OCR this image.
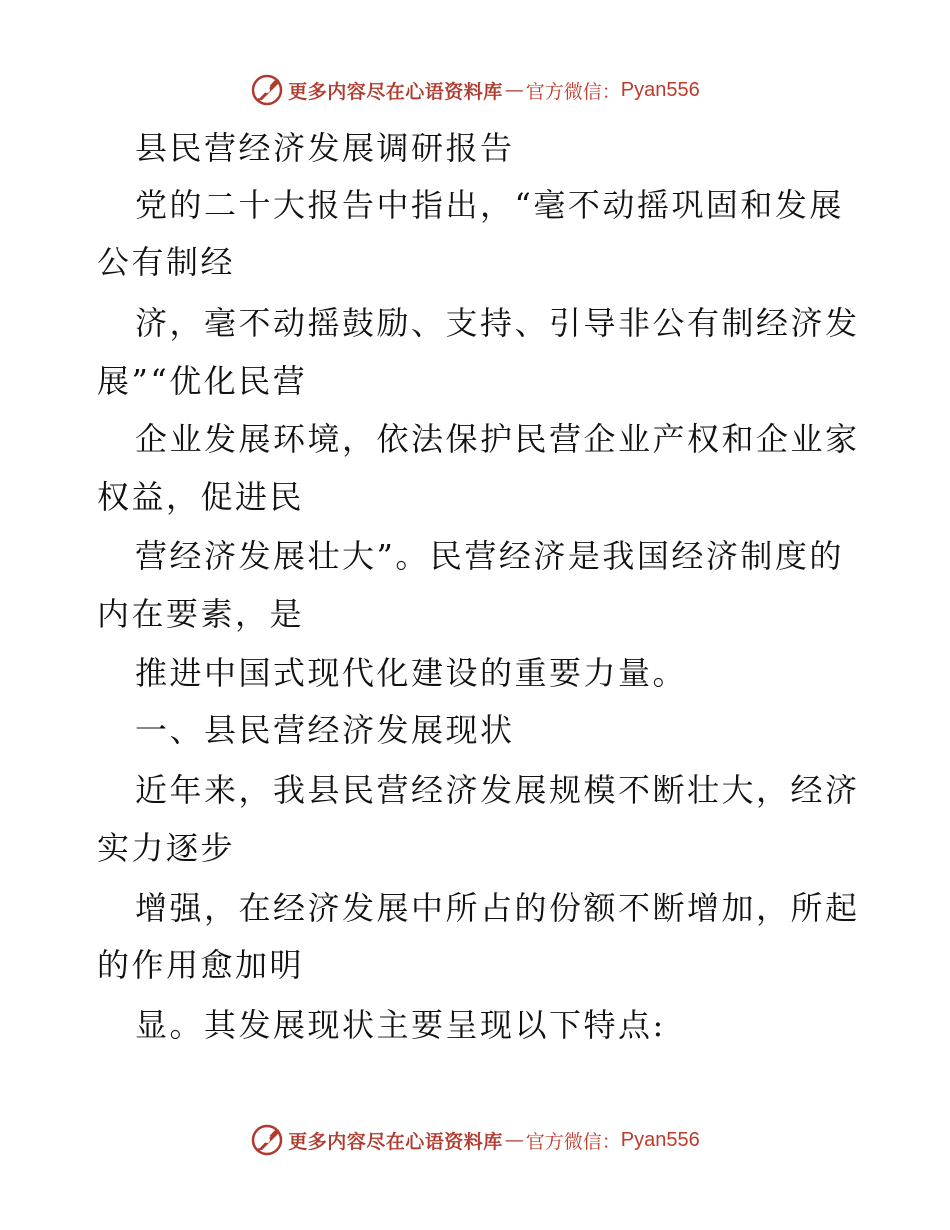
更多内容尽在心语资料库 — 官方微信： Pyan556
县民营经济发展调研报告
党的二十大报告中指出，“毫不动摇巩固和发展
公有制经
济，毫不动摇鼓励、支持、引导非公有制经济发
展”“优化民营
企业发展环境，依法保护民营企业产权和企业家
权益，促进民
营经济发展壮大”。民营经济是我国经济制度的
内在要素，是
推进中国式现代化建设的重要力量。
一、县民营经济发展现状
近年来，我县民营经济发展规模不断壮大，经济
实力逐步
增强，在经济发展中所占的份额不断增加，所起
的作用愈加明
显。其发展现状主要呈现以下特点:
更多内容尽在心语资料库 — 官方微信： Pyan556
